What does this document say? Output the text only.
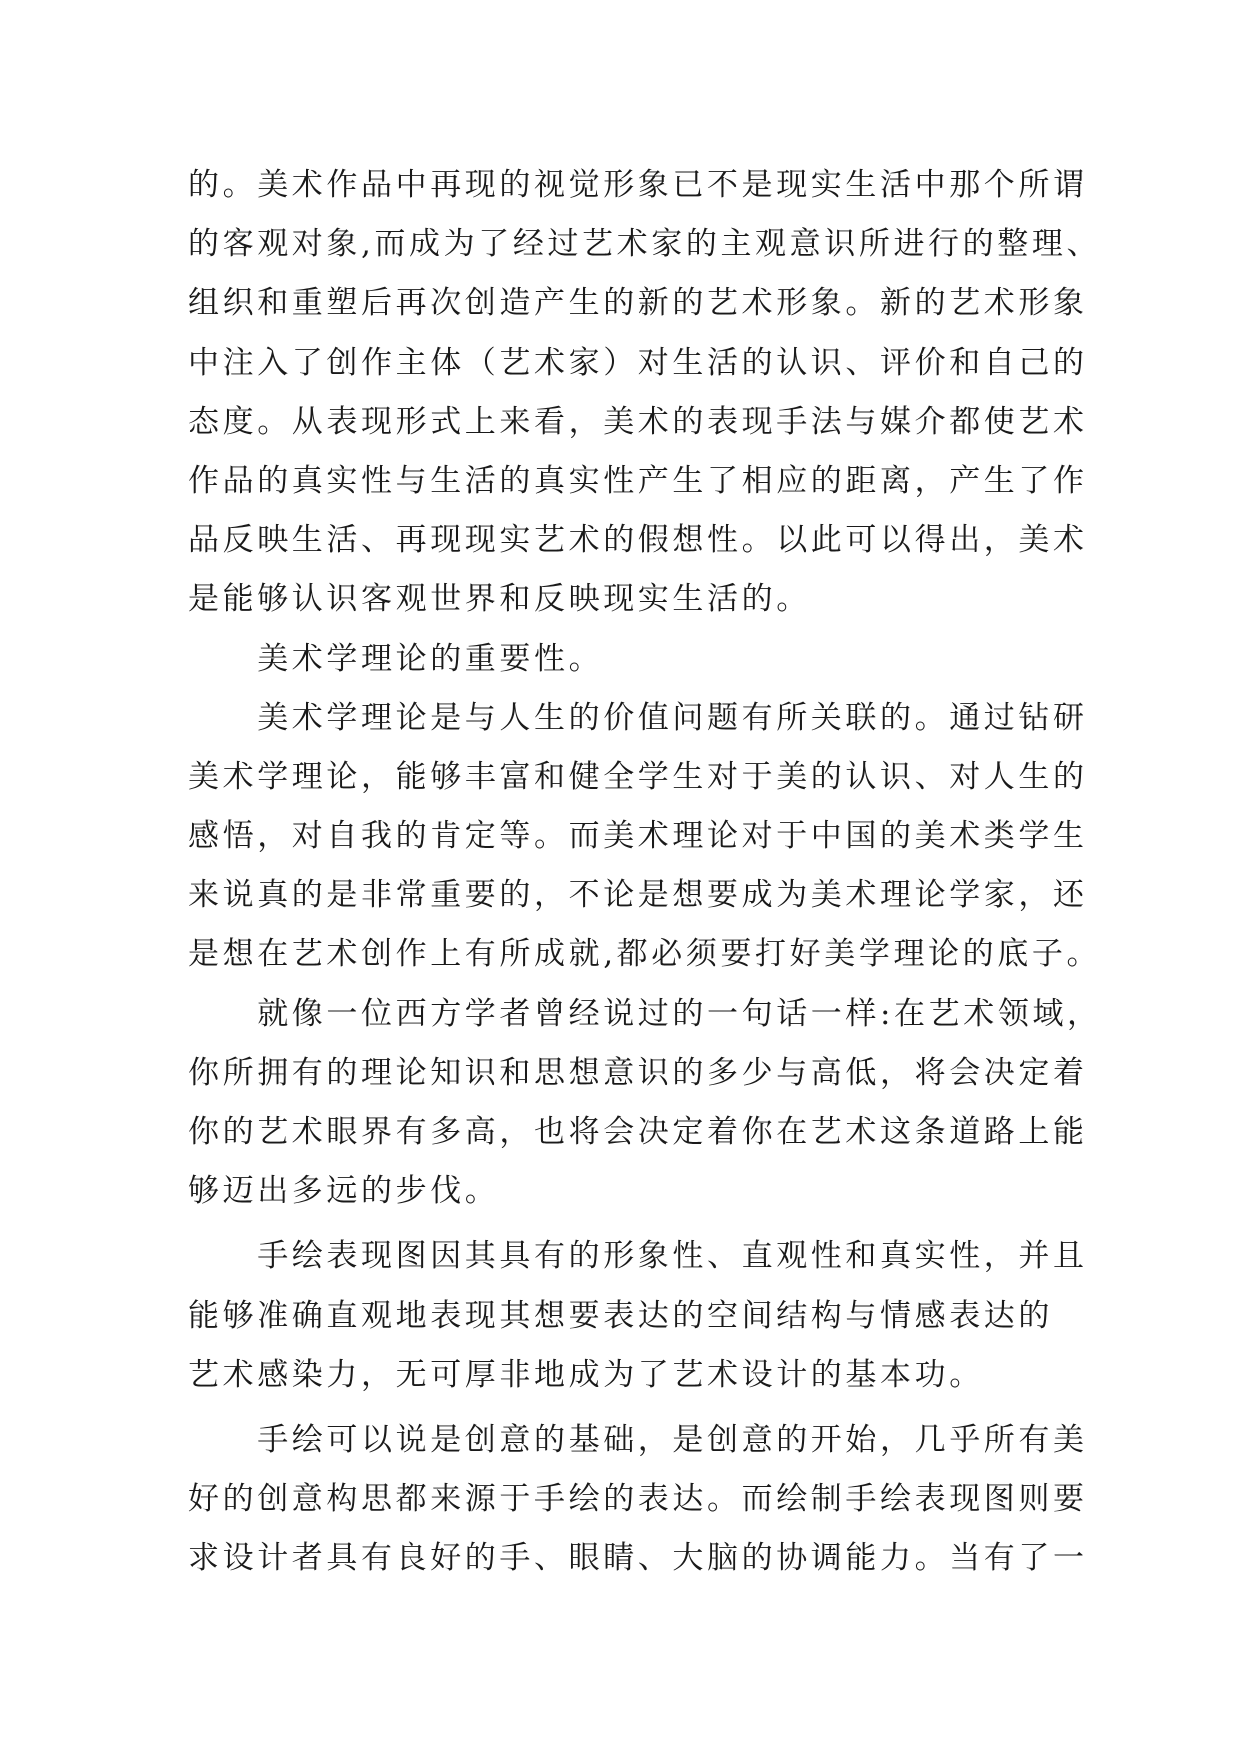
的。美术作品中再现的视觉形象已不是现实生活中那个所谓
的客观对象,而成为了经过艺术家的主观意识所进行的整理、
组织和重塑后再次创造产生的新的艺术形象。新的艺术形象
中注入了创作主体（艺术家）对生活的认识、评价和自己的
态度。从表现形式上来看，美术的表现手法与媒介都使艺术
作品的真实性与生活的真实性产生了相应的距离，产生了作
品反映生活、再现现实艺术的假想性。以此可以得出，美术
是能够认识客观世界和反映现实生活的。
　　美术学理论的重要性。
　　美术学理论是与人生的价值问题有所关联的。通过钻研
美术学理论，能够丰富和健全学生对于美的认识、对人生的
感悟，对自我的肯定等。而美术理论对于中国的美术类学生
来说真的是非常重要的，不论是想要成为美术理论学家，还
是想在艺术创作上有所成就,都必须要打好美学理论的底子。
　　就像一位西方学者曾经说过的一句话一样:在艺术领域，
你所拥有的理论知识和思想意识的多少与高低，将会决定着
你的艺术眼界有多高，也将会决定着你在艺术这条道路上能
够迈出多远的步伐。
　　手绘表现图因其具有的形象性、直观性和真实性，并且
能够准确直观地表现其想要表达的空间结构与情感表达的
艺术感染力，无可厚非地成为了艺术设计的基本功。
　　手绘可以说是创意的基础，是创意的开始，几乎所有美
好的创意构思都来源于手绘的表达。而绘制手绘表现图则要
求设计者具有良好的手、眼睛、大脑的协调能力。当有了一
